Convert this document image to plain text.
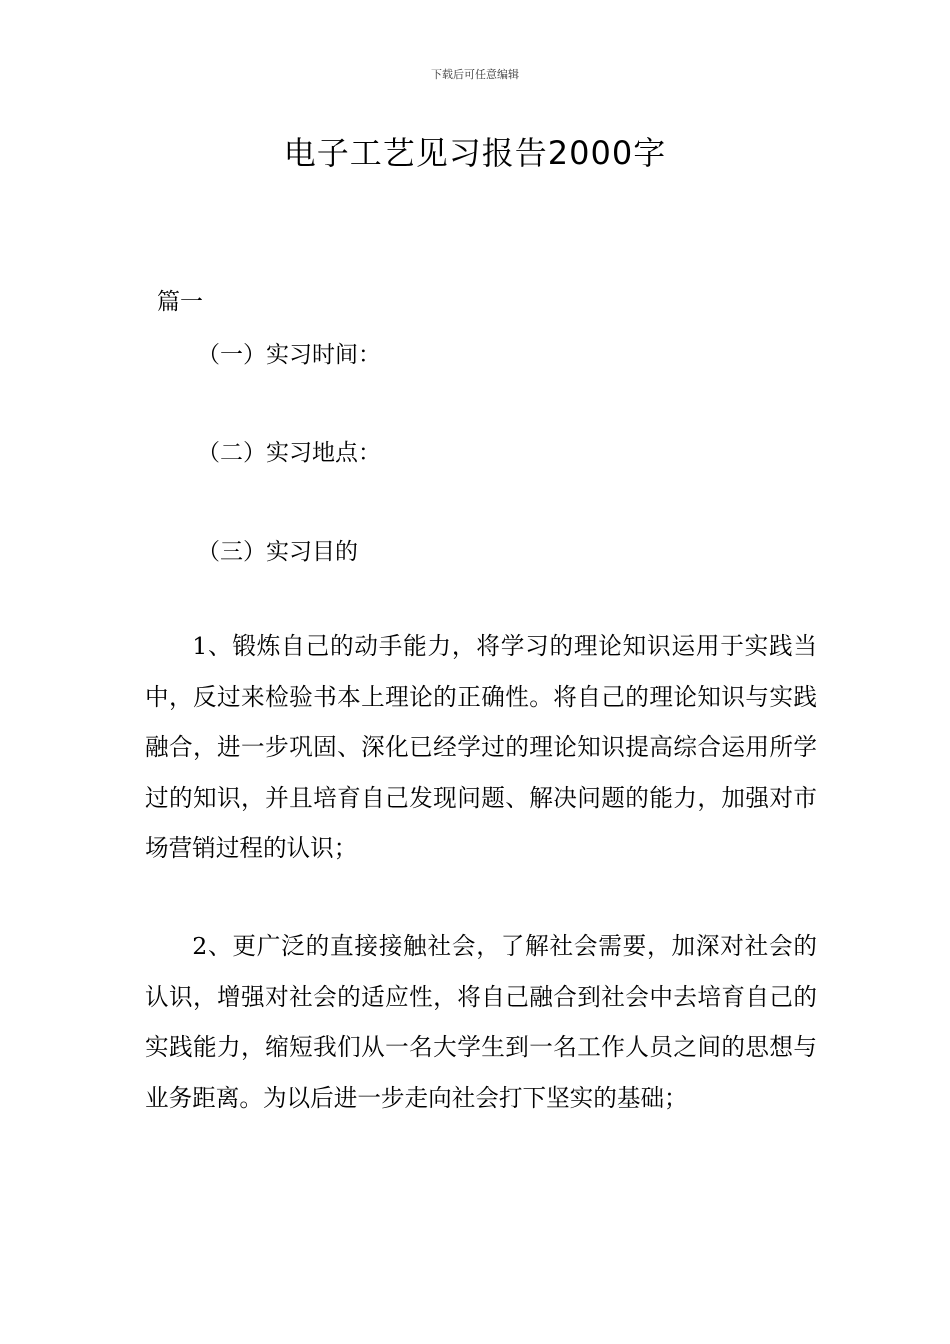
下载后可任意编辑
电子工艺见习报告2000字
篇一
（一）实习时间：
（二）实习地点：
（三）实习目的

1、锻炼自己的动手能力，将学习的理论知识运用于实践当中，反过来检验书本上理论的正确性。将自己的理论知识与实践融合，进一步巩固、深化已经学过的理论知识提高综合运用所学过的知识，并且培育自己发现问题、解决问题的能力，加强对市场营销过程的认识；

2、更广泛的直接接触社会，了解社会需要，加深对社会的认识，增强对社会的适应性，将自己融合到社会中去培育自己的实践能力，缩短我们从一名大学生到一名工作人员之间的思想与业务距离。为以后进一步走向社会打下坚实的基础；
